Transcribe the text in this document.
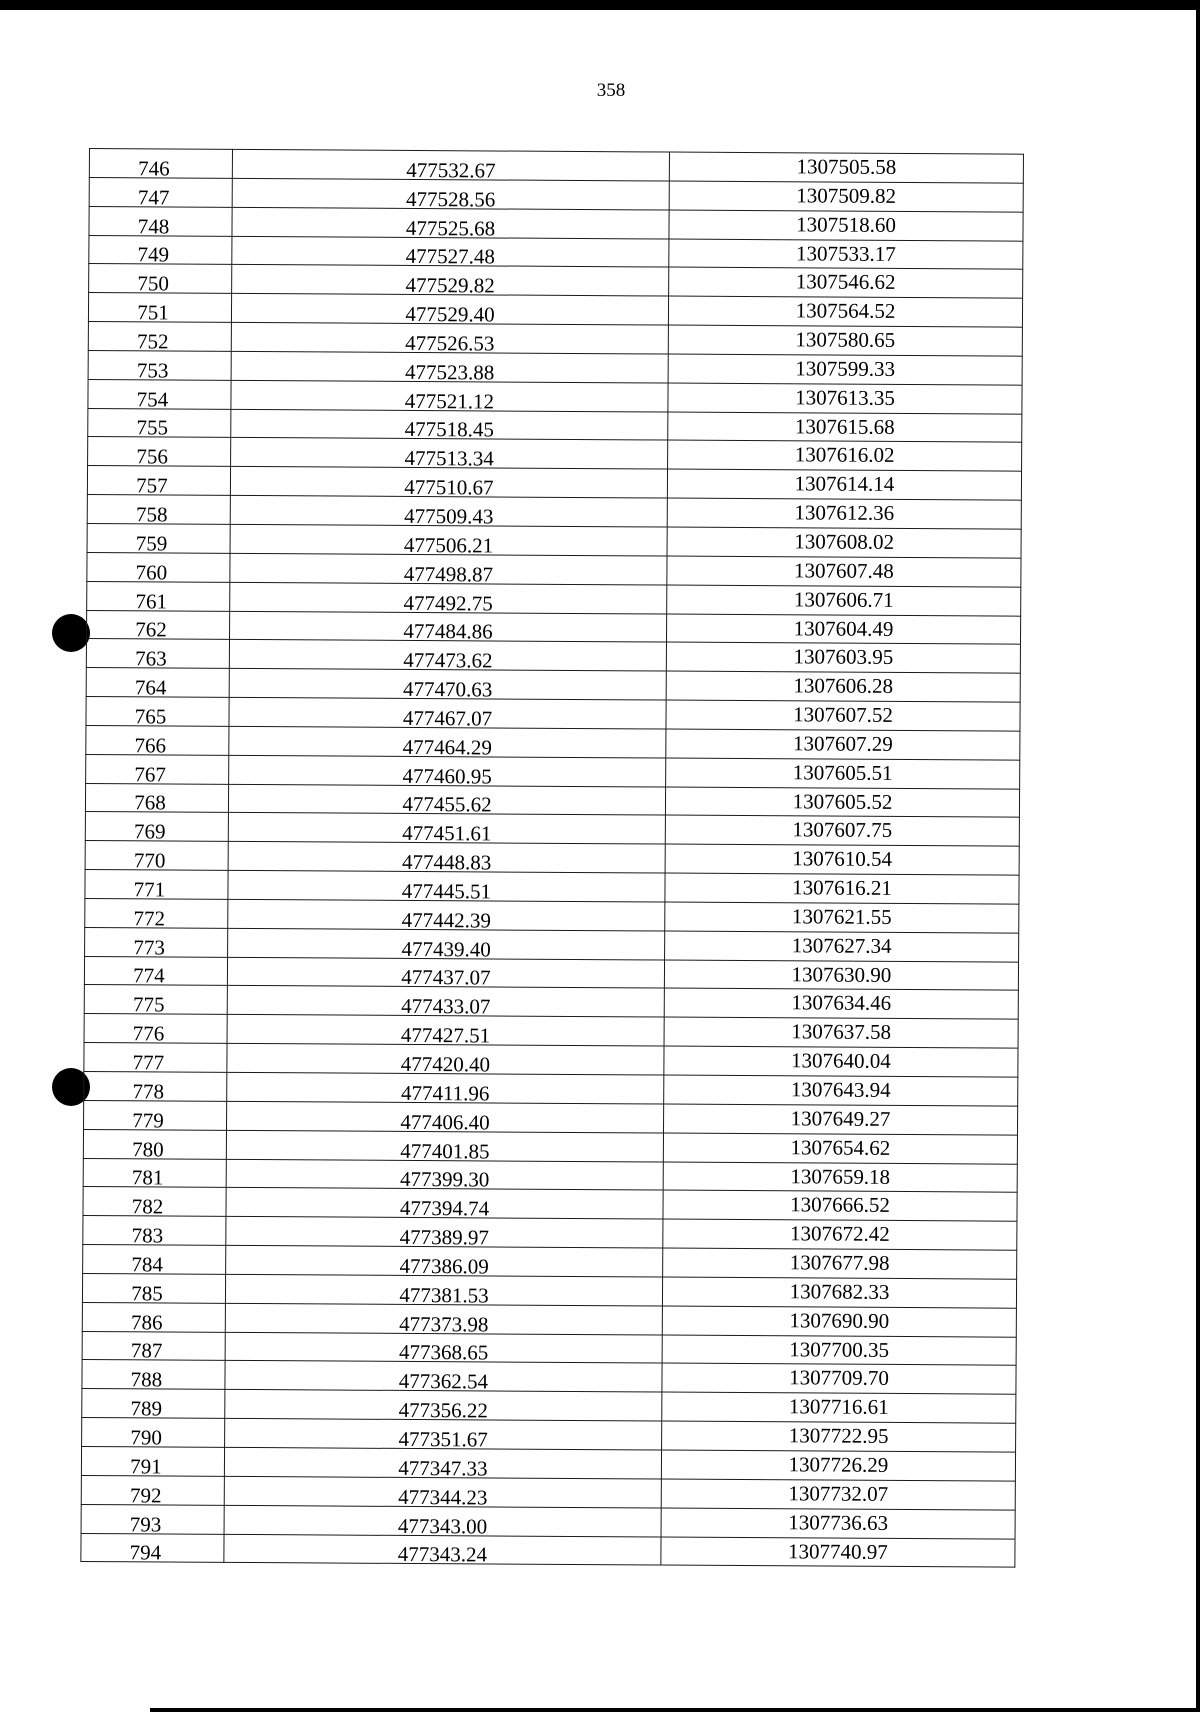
358
746	477532.67	1307505.58
747	477528.56	1307509.82
748	477525.68	1307518.60
749	477527.48	1307533.17
750	477529.82	1307546.62
751	477529.40	1307564.52
752	477526.53	1307580.65
753	477523.88	1307599.33
754	477521.12	1307613.35
755	477518.45	1307615.68
756	477513.34	1307616.02
757	477510.67	1307614.14
758	477509.43	1307612.36
759	477506.21	1307608.02
760	477498.87	1307607.48
761	477492.75	1307606.71
762	477484.86	1307604.49
763	477473.62	1307603.95
764	477470.63	1307606.28
765	477467.07	1307607.52
766	477464.29	1307607.29
767	477460.95	1307605.51
768	477455.62	1307605.52
769	477451.61	1307607.75
770	477448.83	1307610.54
771	477445.51	1307616.21
772	477442.39	1307621.55
773	477439.40	1307627.34
774	477437.07	1307630.90
775	477433.07	1307634.46
776	477427.51	1307637.58
777	477420.40	1307640.04
778	477411.96	1307643.94
779	477406.40	1307649.27
780	477401.85	1307654.62
781	477399.30	1307659.18
782	477394.74	1307666.52
783	477389.97	1307672.42
784	477386.09	1307677.98
785	477381.53	1307682.33
786	477373.98	1307690.90
787	477368.65	1307700.35
788	477362.54	1307709.70
789	477356.22	1307716.61
790	477351.67	1307722.95
791	477347.33	1307726.29
792	477344.23	1307732.07
793	477343.00	1307736.63
794	477343.24	1307740.97
